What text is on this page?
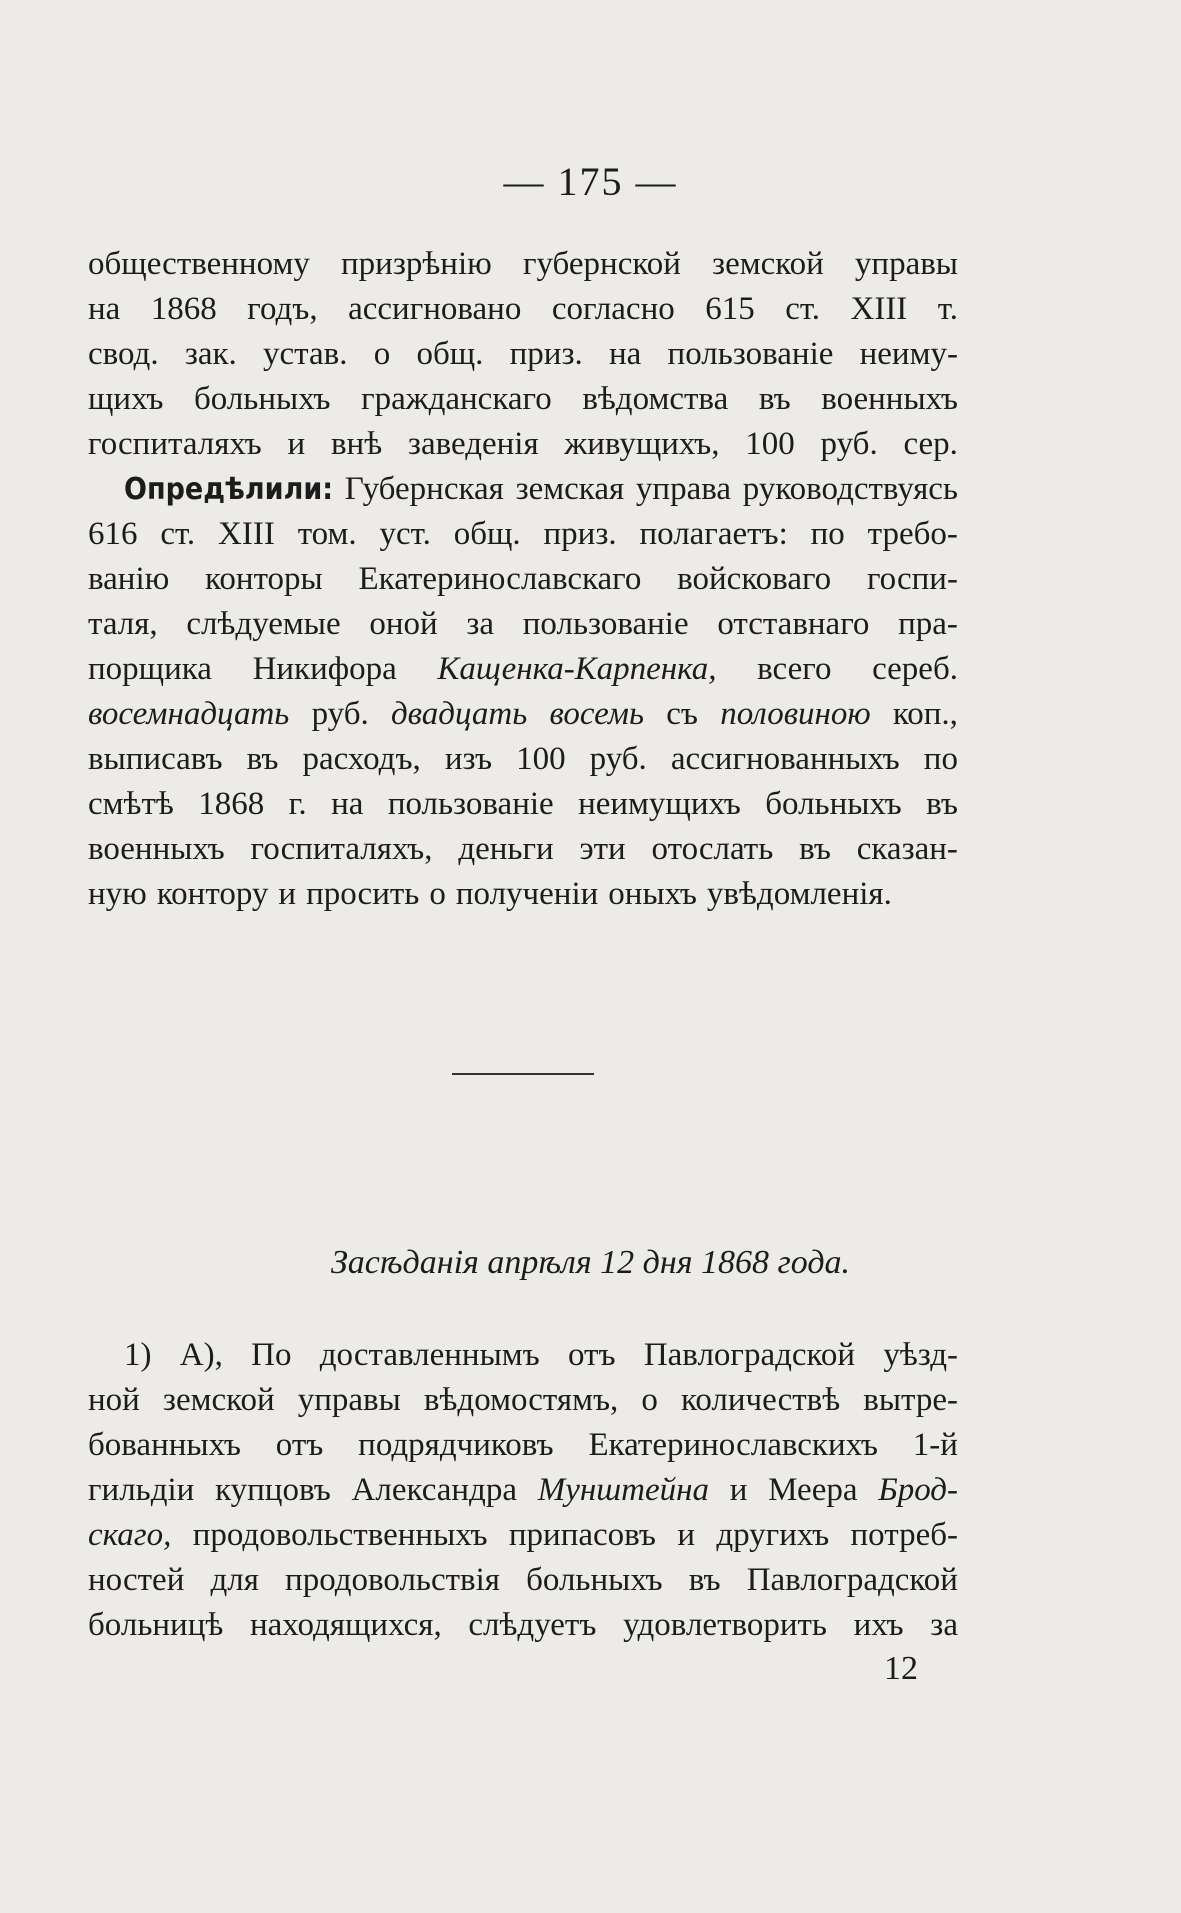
— 175 —
общественному призрѣнію губернской земской управы
на 1868 годъ, ассигновано согласно 615 ст. XIII т.
свод. зак. устав. о общ. приз. на пользованіе неиму-
щихъ больныхъ гражданскаго вѣдомства въ военныхъ
госпиталяхъ и внѣ заведенія живущихъ, 100 руб. сер.
Опредѣлили: Губернская земская управа руководствуясь
616 ст. XIII том. уст. общ. приз. полагаетъ: по требо-
ванію конторы Екатеринославскаго войсковаго госпи-
таля, слѣдуемые оной за пользованіе отставнаго пра-
порщика Никифора Кащенка-Карпенка, всего сереб.
восемнадцать руб. двадцать восемь съ половиною коп.,
выписавъ въ расходъ, изъ 100 руб. ассигнованныхъ по
смѣтѣ 1868 г. на пользованіе неимущихъ больныхъ въ
военныхъ госпиталяхъ, деньги эти отослать въ сказан-
ную контору и просить о полученіи оныхъ увѣдомленія.
Засѣданія апрѣля 12 дня 1868 года.
1) А), По доставленнымъ отъ Павлоградской уѣзд-
ной земской управы вѣдомостямъ, о количествѣ вытре-
бованныхъ отъ подрядчиковъ Екатеринославскихъ 1-й
гильдіи купцовъ Александра Мунштейна и Меера Брод-
скаго, продовольственныхъ припасовъ и другихъ потреб-
ностей для продовольствія больныхъ въ Павлоградской
больницѣ находящихся, слѣдуетъ удовлетворить ихъ за
12
